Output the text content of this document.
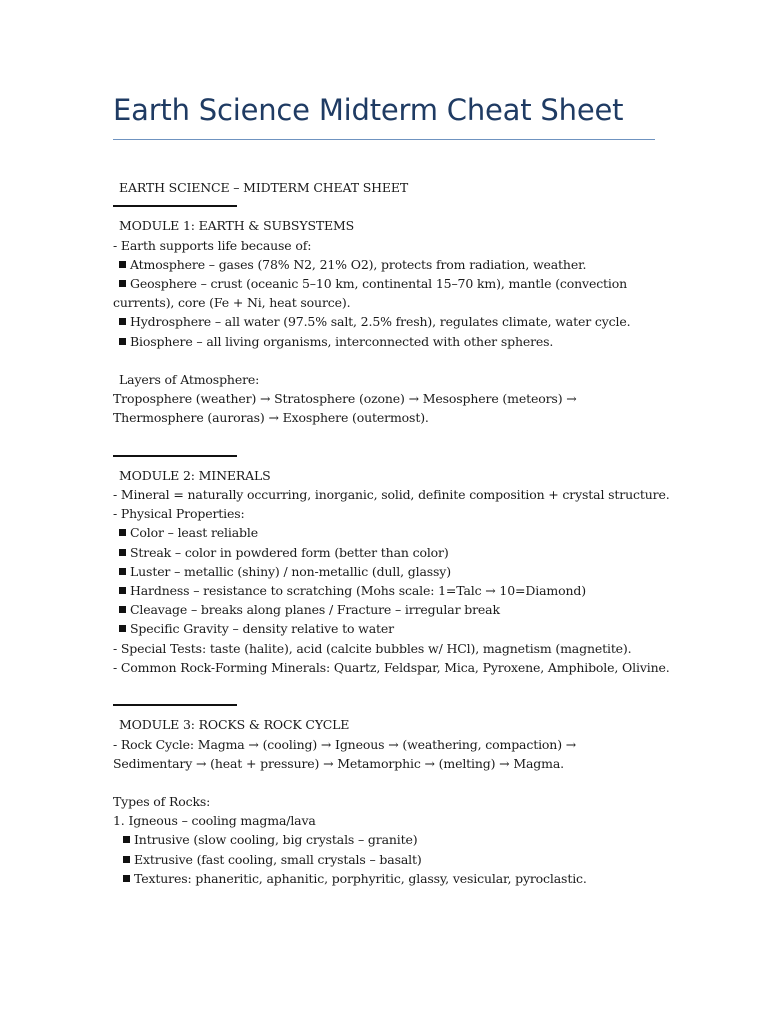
Earth Science Midterm Cheat Sheet
EARTH SCIENCE – MIDTERM CHEAT SHEET
MODULE 1: EARTH & SUBSYSTEMS
- Earth supports life because of:
Atmosphere – gases (78% N2, 21% O2), protects from radiation, weather.
Geosphere – crust (oceanic 5–10 km, continental 15–70 km), mantle (convection currents), core (Fe + Ni, heat source).
Hydrosphere – all water (97.5% salt, 2.5% fresh), regulates climate, water cycle.
Biosphere – all living organisms, interconnected with other spheres.
Layers of Atmosphere:
Troposphere (weather) → Stratosphere (ozone) → Mesosphere (meteors) → Thermosphere (auroras) → Exosphere (outermost).
MODULE 2: MINERALS
- Mineral = naturally occurring, inorganic, solid, definite composition + crystal structure.
- Physical Properties:
Color – least reliable
Streak – color in powdered form (better than color)
Luster – metallic (shiny) / non-metallic (dull, glassy)
Hardness – resistance to scratching (Mohs scale: 1=Talc → 10=Diamond)
Cleavage – breaks along planes / Fracture – irregular break
Specific Gravity – density relative to water
- Special Tests: taste (halite), acid (calcite bubbles w/ HCl), magnetism (magnetite).
- Common Rock-Forming Minerals: Quartz, Feldspar, Mica, Pyroxene, Amphibole, Olivine.
MODULE 3: ROCKS & ROCK CYCLE
- Rock Cycle: Magma → (cooling) → Igneous → (weathering, compaction) → Sedimentary → (heat + pressure) → Metamorphic → (melting) → Magma.
Types of Rocks:
1. Igneous – cooling magma/lava
Intrusive (slow cooling, big crystals – granite)
Extrusive (fast cooling, small crystals – basalt)
Textures: phaneritic, aphanitic, porphyritic, glassy, vesicular, pyroclastic.
